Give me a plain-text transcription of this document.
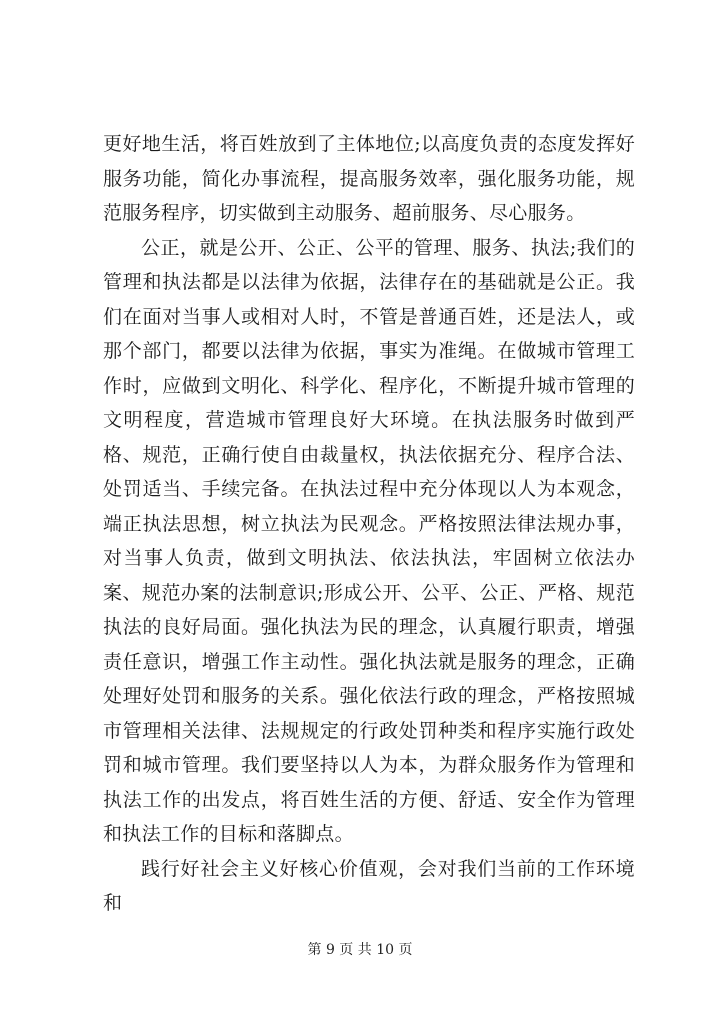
更好地生活，将百姓放到了主体地位;以高度负责的态度发挥好服务功能，简化办事流程，提高服务效率，强化服务功能，规范服务程序，切实做到主动服务、超前服务、尽心服务。

公正，就是公开、公正、公平的管理、服务、执法;我们的管理和执法都是以法律为依据，法律存在的基础就是公正。我们在面对当事人或相对人时，不管是普通百姓，还是法人，或那个部门，都要以法律为依据，事实为准绳。在做城市管理工作时，应做到文明化、科学化、程序化，不断提升城市管理的文明程度，营造城市管理良好大环境。在执法服务时做到严格、规范，正确行使自由裁量权，执法依据充分、程序合法、处罚适当、手续完备。在执法过程中充分体现以人为本观念，端正执法思想，树立执法为民观念。严格按照法律法规办事，对当事人负责，做到文明执法、依法执法，牢固树立依法办案、规范办案的法制意识;形成公开、公平、公正、严格、规范执法的良好局面。强化执法为民的理念，认真履行职责，增强责任意识，增强工作主动性。强化执法就是服务的理念，正确处理好处罚和服务的关系。强化依法行政的理念，严格按照城市管理相关法律、法规规定的行政处罚种类和程序实施行政处罚和城市管理。我们要坚持以人为本，为群众服务作为管理和执法工作的出发点，将百姓生活的方便、舒适、安全作为管理和执法工作的目标和落脚点。

践行好社会主义好核心价值观，会对我们当前的工作环境和

第 9 页 共 10 页
